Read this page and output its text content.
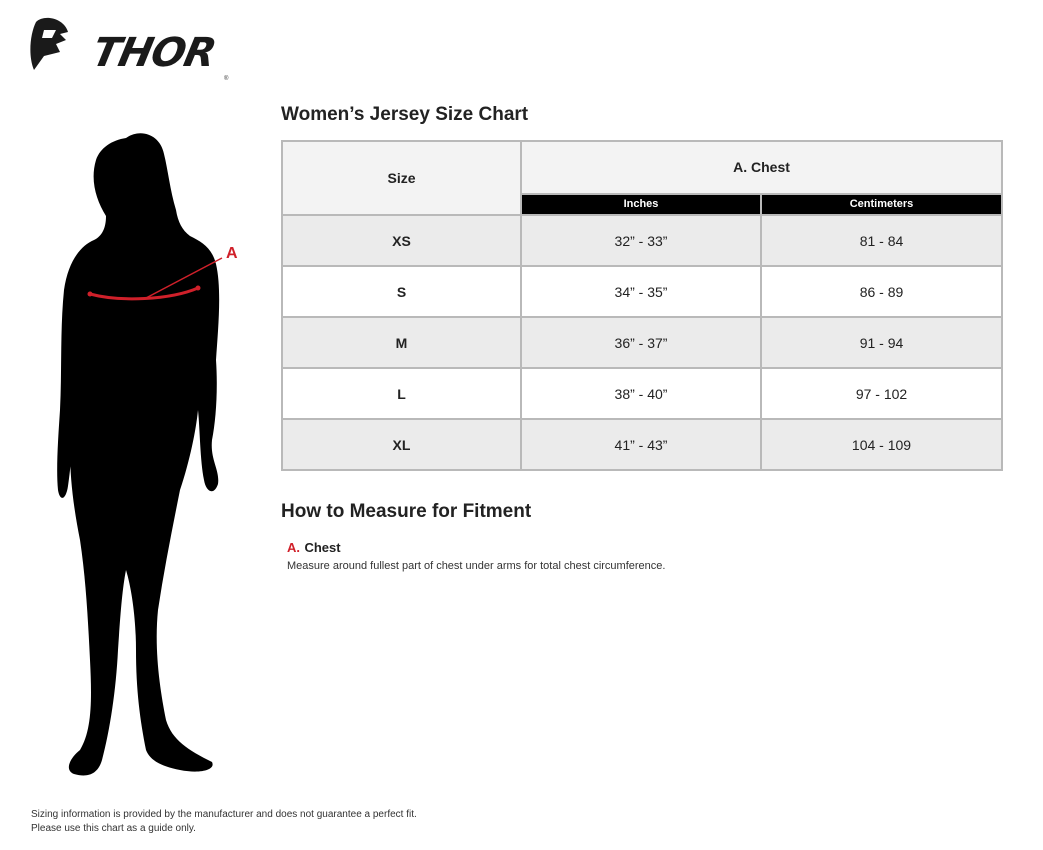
THOR
®
A
Women’s Jersey Size Chart
Size	A. Chest	
	Inches	Centimeters
XS	32” - 33”	81 - 84
S	34” - 35”	86 - 89
M	36” - 37”	91 - 94
L	38” - 40”	97 - 102
XL	41” - 43”	104 - 109
How to Measure for Fitment
A. Chest
Measure around fullest part of chest under arms for total chest circumference.
Sizing information is provided by the manufacturer and does not guarantee a perfect fit.
Please use this chart as a guide only.
